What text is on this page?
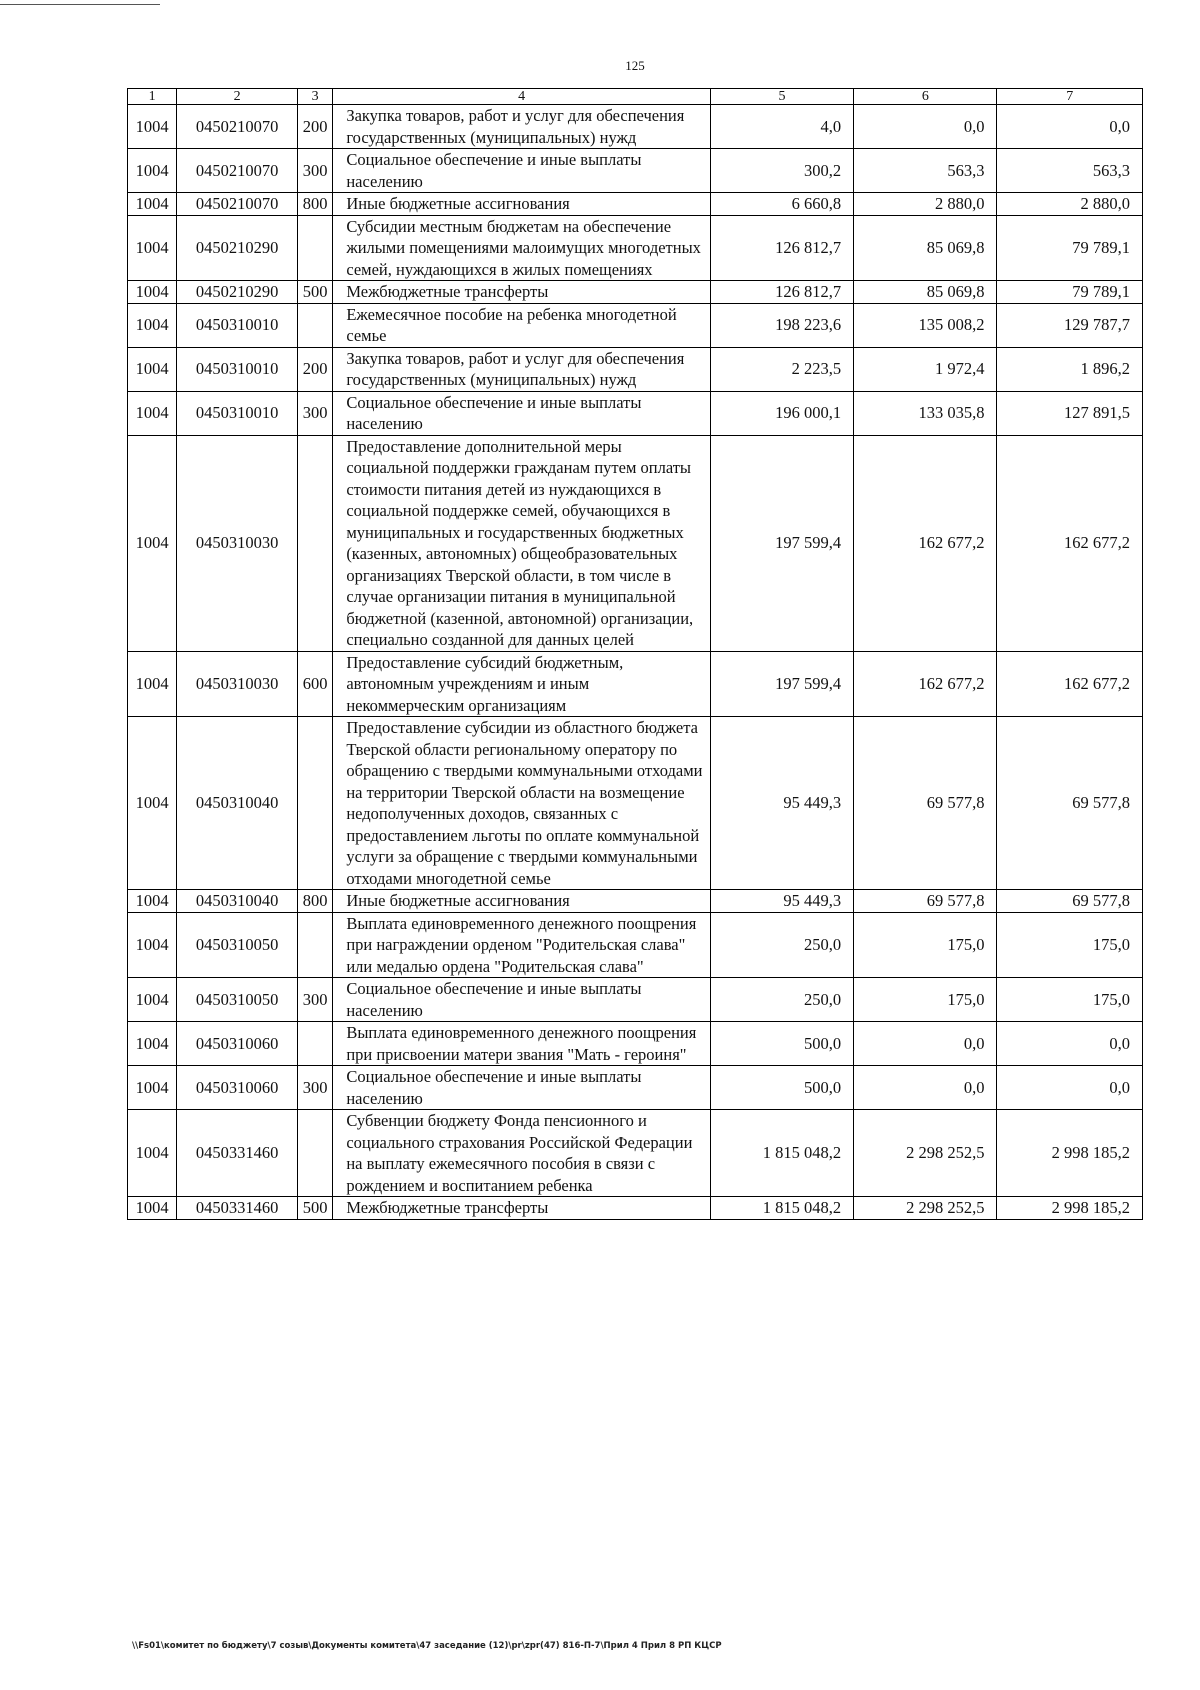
125
1	2	3	4	5	6	7
1004	0450210070	200	Закупка товаров, работ и услуг для обеспечения государственных (муниципальных) нужд	4,0	0,0	0,0
1004	0450210070	300	Социальное обеспечение и иные выплаты населению	300,2	563,3	563,3
1004	0450210070	800	Иные бюджетные ассигнования	6 660,8	2 880,0	2 880,0
1004	0450210290		Субсидии местным бюджетам на обеспечение жилыми помещениями малоимущих многодетных семей, нуждающихся в жилых помещениях	126 812,7	85 069,8	79 789,1
1004	0450210290	500	Межбюджетные трансферты	126 812,7	85 069,8	79 789,1
1004	0450310010		Ежемесячное пособие на ребенка многодетной семье	198 223,6	135 008,2	129 787,7
1004	0450310010	200	Закупка товаров, работ и услуг для обеспечения государственных (муниципальных) нужд	2 223,5	1 972,4	1 896,2
1004	0450310010	300	Социальное обеспечение и иные выплаты населению	196 000,1	133 035,8	127 891,5
1004	0450310030		Предоставление дополнительной меры социальной поддержки гражданам путем оплаты стоимости питания детей из нуждающихся в социальной поддержке семей, обучающихся в муниципальных и государственных бюджетных (казенных, автономных) общеобразовательных организациях Тверской области, в том числе в случае организации питания в муниципальной бюджетной (казенной, автономной) организации, специально созданной для данных целей	197 599,4	162 677,2	162 677,2
1004	0450310030	600	Предоставление субсидий бюджетным, автономным учреждениям и иным некоммерческим организациям	197 599,4	162 677,2	162 677,2
1004	0450310040		Предоставление субсидии из областного бюджета Тверской области региональному оператору по обращению с твердыми коммунальными отходами на территории Тверской области на возмещение недополученных доходов, связанных с предоставлением льготы по оплате коммунальной услуги за обращение с твердыми коммунальными отходами многодетной семье	95 449,3	69 577,8	69 577,8
1004	0450310040	800	Иные бюджетные ассигнования	95 449,3	69 577,8	69 577,8
1004	0450310050		Выплата единовременного денежного поощрения при награждении орденом "Родительская слава" или медалью ордена "Родительская слава"	250,0	175,0	175,0
1004	0450310050	300	Социальное обеспечение и иные выплаты населению	250,0	175,0	175,0
1004	0450310060		Выплата единовременного денежного поощрения при присвоении матери звания "Мать - героиня"	500,0	0,0	0,0
1004	0450310060	300	Социальное обеспечение и иные выплаты населению	500,0	0,0	0,0
1004	0450331460		Субвенции бюджету Фонда пенсионного и социального страхования Российской Федерации на выплату ежемесячного пособия в связи с рождением и воспитанием ребенка	1 815 048,2	2 298 252,5	2 998 185,2
1004	0450331460	500	Межбюджетные трансферты	1 815 048,2	2 298 252,5	2 998 185,2
\\Fs01\комитет по бюджету\7 созыв\Документы комитета\47 заседание (12)\pr\zpr(47) 816-П-7\Прил 4 Прил 8 РП КЦСР
